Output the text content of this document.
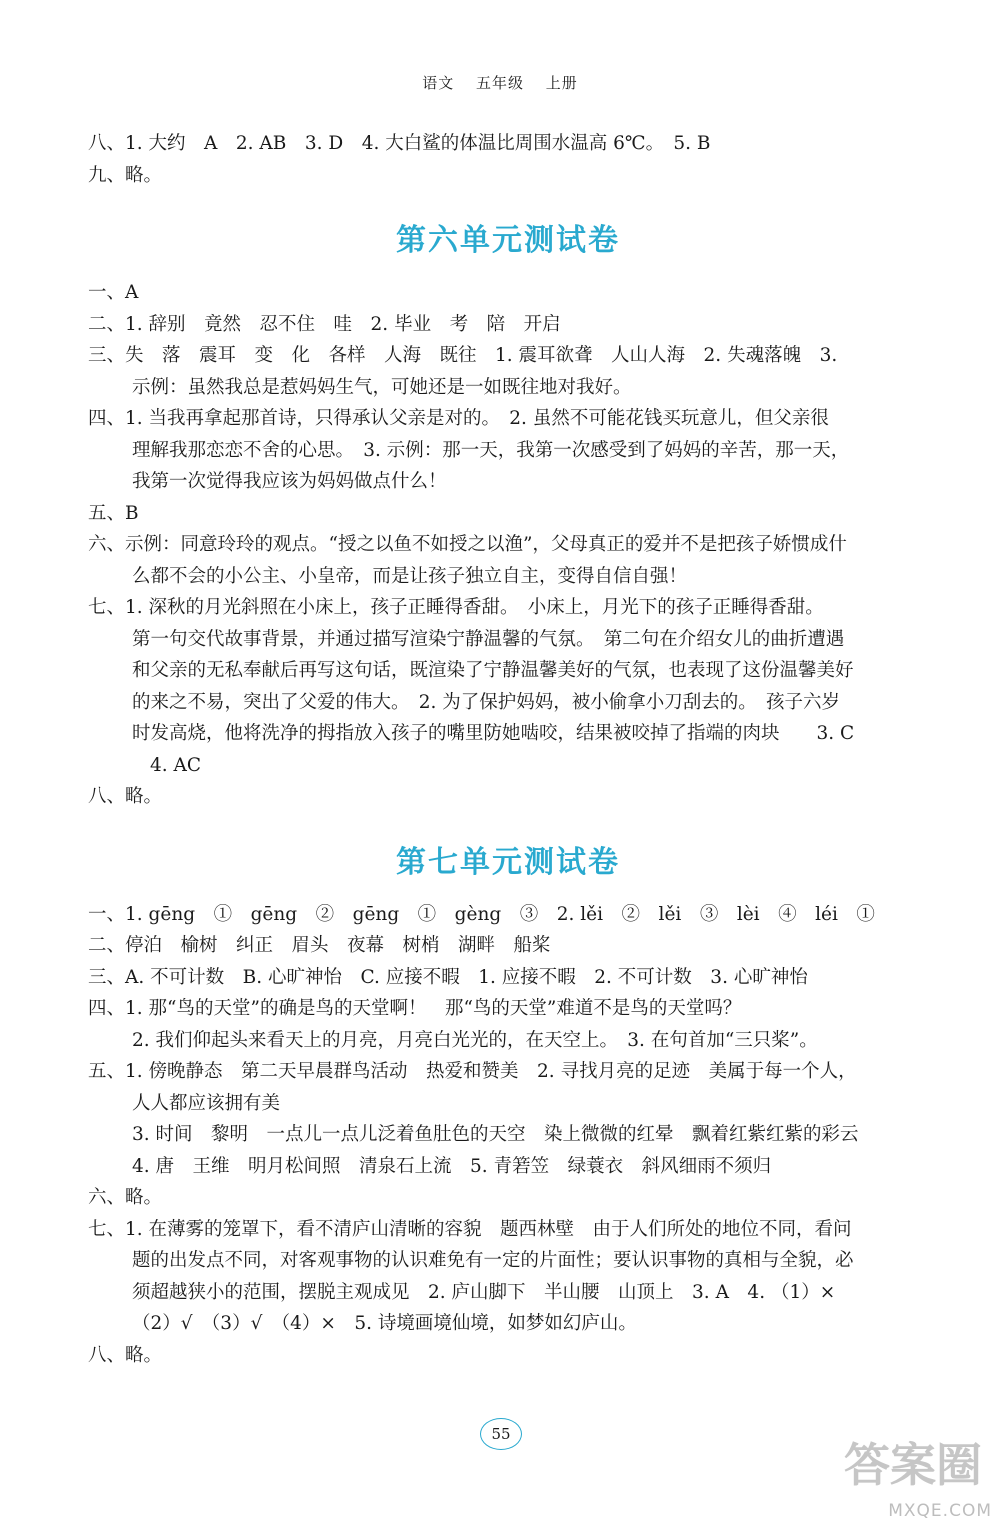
语文 五年级 上册

八、1. 大约　A　2. AB　3. D　4. 大白鲨的体温比周围水温高 6℃。　5. B

九、略。

第六单元测试卷

一、A

二、1. 辞别　竟然　忍不住　哇　2. 毕业　考　陪　开启

三、失　落　震耳　变　化　各样　人海　既往　1. 震耳欲聋　人山人海　2. 失魂落魄　3.

示例：虽然我总是惹妈妈生气，可她还是一如既往地对我好。

四、1. 当我再拿起那首诗，只得承认父亲是对的。　2. 虽然不可能花钱买玩意儿，但父亲很

理解我那恋恋不舍的心思。　3. 示例：那一天，我第一次感受到了妈妈的辛苦，那一天，

我第一次觉得我应该为妈妈做点什么！

五、B

六、示例：同意玲玲的观点。“授之以鱼不如授之以渔”，父母真正的爱并不是把孩子娇惯成什

么都不会的小公主、小皇帝，而是让孩子独立自主，变得自信自强！

七、1. 深秋的月光斜照在小床上，孩子正睡得香甜。　小床上，月光下的孩子正睡得香甜。

第一句交代故事背景，并通过描写渲染宁静温馨的气氛。　第二句在介绍女儿的曲折遭遇

和父亲的无私奉献后再写这句话，既渲染了宁静温馨美好的气氛，也表现了这份温馨美好

的来之不易，突出了父爱的伟大。　2. 为了保护妈妈，被小偷拿小刀刮去的。　孩子六岁

时发高烧，他将洗净的拇指放入孩子的嘴里防她啮咬，结果被咬掉了指端的肉块　　3. C

4. AC

八、略。

第七单元测试卷

一、1. gēng　①　gēng　②　gēng　①　gèng　③　2. lěi　②　lěi　③　lèi　④　léi　①

二、停泊　榆树　纠正　眉头　夜幕　树梢　湖畔　船桨

三、A. 不可计数　B. 心旷神怡　C. 应接不暇　1. 应接不暇　2. 不可计数　3. 心旷神怡

四、1. 那“鸟的天堂”的确是鸟的天堂啊！　那“鸟的天堂”难道不是鸟的天堂吗？

2. 我们仰起头来看天上的月亮，月亮白光光的，在天空上。　3. 在句首加“三只桨”。

五、1. 傍晚静态　第二天早晨群鸟活动　热爱和赞美　2. 寻找月亮的足迹　美属于每一个人，

人人都应该拥有美

3. 时间　黎明　一点儿一点儿泛着鱼肚色的天空　染上微微的红晕　飘着红紫红紫的彩云

4. 唐　王维　明月松间照　清泉石上流　5. 青箬笠　绿蓑衣　斜风细雨不须归

六、略。

七、1. 在薄雾的笼罩下，看不清庐山清晰的容貌　题西林壁　由于人们所处的地位不同，看问

题的出发点不同，对客观事物的认识难免有一定的片面性；要认识事物的真相与全貌，必

须超越狭小的范围，摆脱主观成见　2. 庐山脚下　半山腰　山顶上　3. A　4. （1）×

（2）√　（3）√　（4）×　5. 诗境画境仙境，如梦如幻庐山。

八、略。

55
答案圈
MXQE.COM
